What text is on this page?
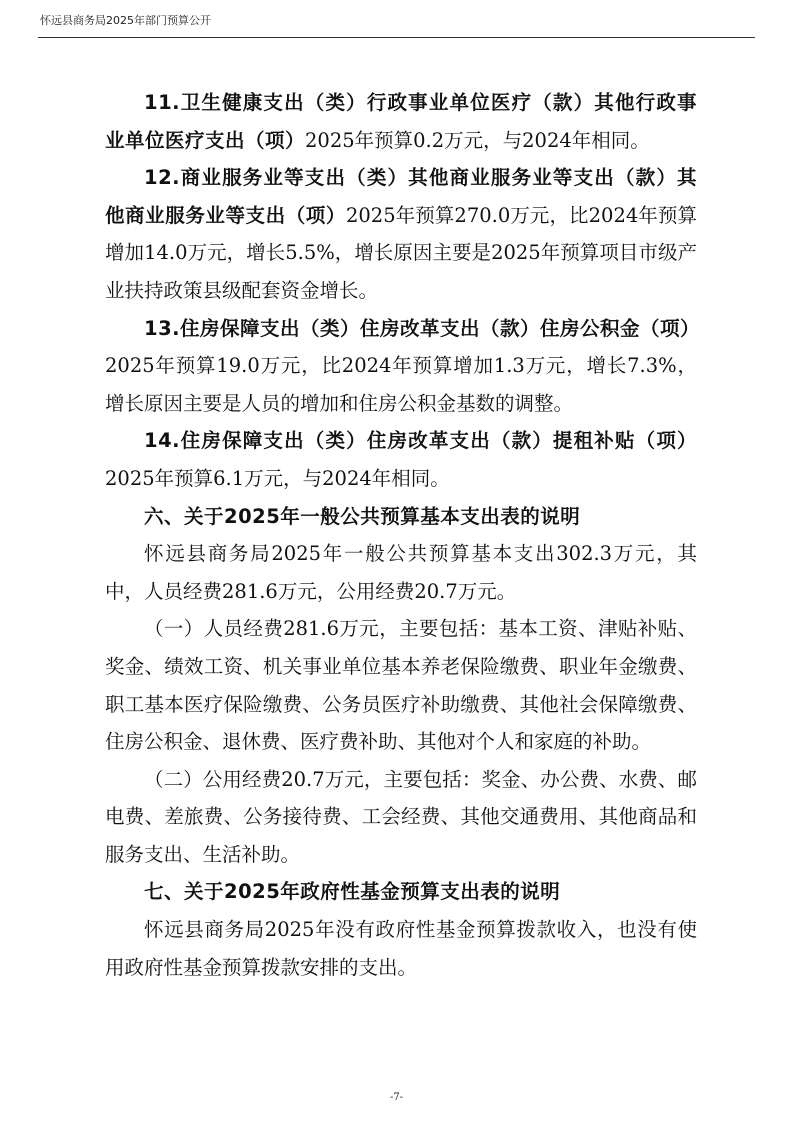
怀远县商务局2025年部门预算公开

11.卫生健康支出（类）行政事业单位医疗（款）其他行政事业单位医疗支出（项）2025年预算0.2万元，与2024年相同。

12.商业服务业等支出（类）其他商业服务业等支出（款）其他商业服务业等支出（项）2025年预算270.0万元，比2024年预算增加14.0万元，增长5.5%，增长原因主要是2025年预算项目市级产业扶持政策县级配套资金增长。

13.住房保障支出（类）住房改革支出（款）住房公积金（项）2025年预算19.0万元，比2024年预算增加1.3万元，增长7.3%，增长原因主要是人员的增加和住房公积金基数的调整。

14.住房保障支出（类）住房改革支出（款）提租补贴（项）2025年预算6.1万元，与2024年相同。

六、关于2025年一般公共预算基本支出表的说明

怀远县商务局2025年一般公共预算基本支出302.3万元，其中，人员经费281.6万元，公用经费20.7万元。

（一）人员经费281.6万元，主要包括：基本工资、津贴补贴、奖金、绩效工资、机关事业单位基本养老保险缴费、职业年金缴费、职工基本医疗保险缴费、公务员医疗补助缴费、其他社会保障缴费、住房公积金、退休费、医疗费补助、其他对个人和家庭的补助。

（二）公用经费20.7万元，主要包括：奖金、办公费、水费、邮电费、差旅费、公务接待费、工会经费、其他交通费用、其他商品和服务支出、生活补助。

七、关于2025年政府性基金预算支出表的说明

怀远县商务局2025年没有政府性基金预算拨款收入，也没有使用政府性基金预算拨款安排的支出。

-7-
